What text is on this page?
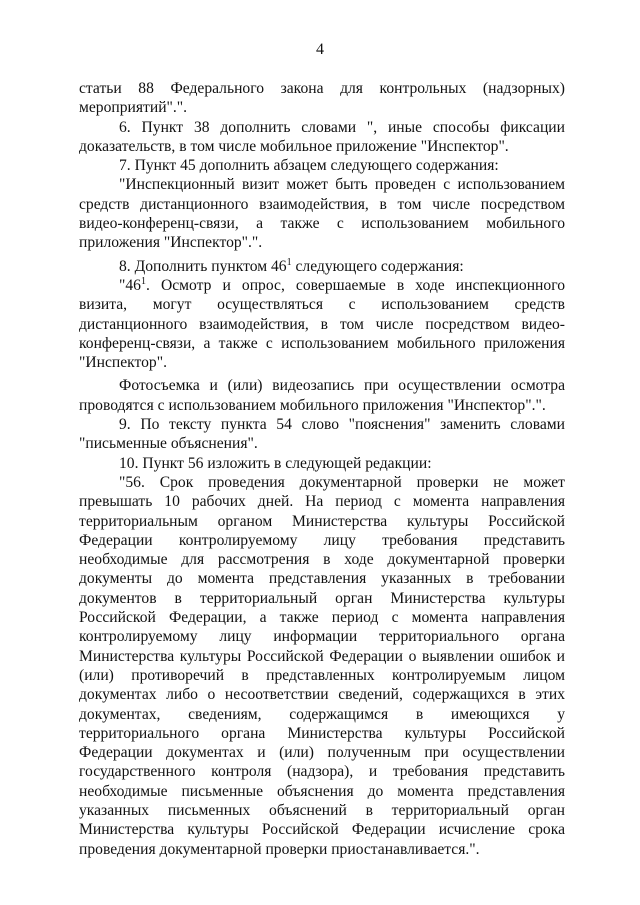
4

статьи 88 Федерального закона для контрольных (надзорных) мероприятий".".

6. Пункт 38 дополнить словами ", иные способы фиксации доказательств, в том числе мобильное приложение "Инспектор".

7. Пункт 45 дополнить абзацем следующего содержания:

"Инспекционный визит может быть проведен с использованием средств дистанционного взаимодействия, в том числе посредством видео-конференц-связи, а также с использованием мобильного приложения "Инспектор".".

8. Дополнить пунктом $46^1$ следующего содержания:

"$46^1$. Осмотр и опрос, совершаемые в ходе инспекционного визита, могут осуществляться с использованием средств дистанционного взаимодействия, в том числе посредством видео-конференц-связи, а также с использованием мобильного приложения "Инспектор".

Фотосъемка и (или) видеозапись при осуществлении осмотра проводятся с использованием мобильного приложения "Инспектор".".

9. По тексту пункта 54 слово "пояснения" заменить словами "письменные объяснения".

10. Пункт 56 изложить в следующей редакции:

"56. Срок проведения документарной проверки не может превышать 10 рабочих дней. На период с момента направления территориальным органом Министерства культуры Российской Федерации контролируемому лицу требования представить необходимые для рассмотрения в ходе документарной проверки документы до момента представления указанных в требовании документов в территориальный орган Министерства культуры Российской Федерации, а также период с момента направления контролируемому лицу информации территориального органа Министерства культуры Российской Федерации о выявлении ошибок и (или) противоречий в представленных контролируемым лицом документах либо о несоответствии сведений, содержащихся в этих документах, сведениям, содержащимся в имеющихся у территориального органа Министерства культуры Российской Федерации документах и (или) полученным при осуществлении государственного контроля (надзора), и требования представить необходимые письменные объяснения до момента представления указанных письменных объяснений в территориальный орган Министерства культуры Российской Федерации исчисление срока проведения документарной проверки приостанавливается.".
